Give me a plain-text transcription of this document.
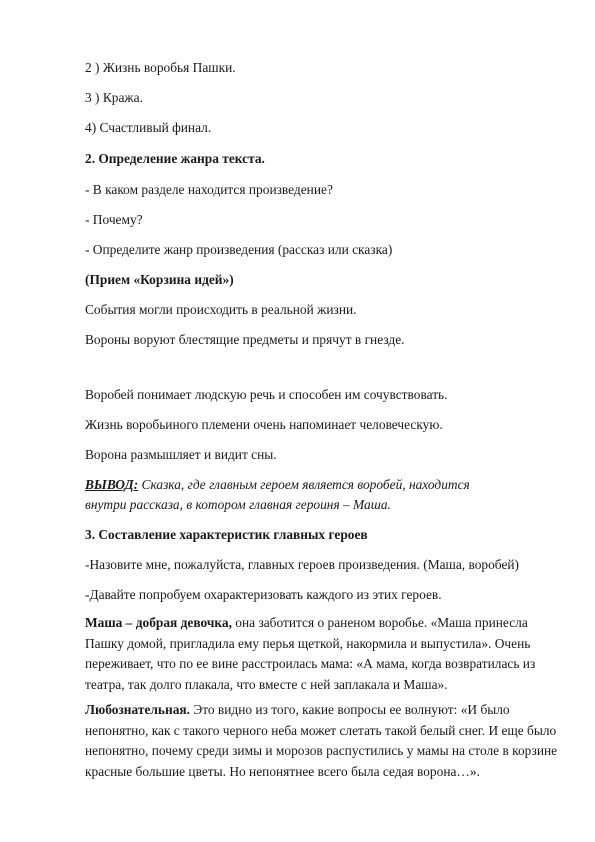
2 ) Жизнь воробья Пашки.
3 ) Кража.
4) Счастливый финал.
2. Определение жанра текста.
- В каком разделе находится произведение?
- Почему?
- Определите жанр произведения (рассказ или сказка)
(Прием «Корзина идей»)
События могли происходить в реальной жизни.
Вороны воруют блестящие предметы и прячут в гнезде.
Воробей понимает людскую речь и способен им сочувствовать.
Жизнь воробьиного племени очень напоминает человеческую.
Ворона размышляет и видит сны.
ВЫВОД: Сказка, где главным героем является воробей, находится
внутри рассказа, в котором главная героиня – Маша.
3. Составление характеристик главных героев
-Назовите мне, пожалуйста, главных героев произведения. (Маша, воробей)
-Давайте попробуем охарактеризовать каждого из этих героев.
Маша – добрая девочка, она заботится о раненом воробье. «Маша принесла Пашку домой, пригладила ему перья щеткой, накормила и выпустила». Очень переживает, что по ее вине расстроилась мама: «А мама, когда возвратилась из театра, так долго плакала, что вместе с ней заплакала и Маша».
Любознательная. Это видно из того, какие вопросы ее волнуют: «И было непонятно, как с такого черного неба может слетать такой белый снег. И еще было непонятно, почему среди зимы и морозов распустились у мамы на столе в корзине красные большие цветы. Но непонятнее всего была седая ворона…».
